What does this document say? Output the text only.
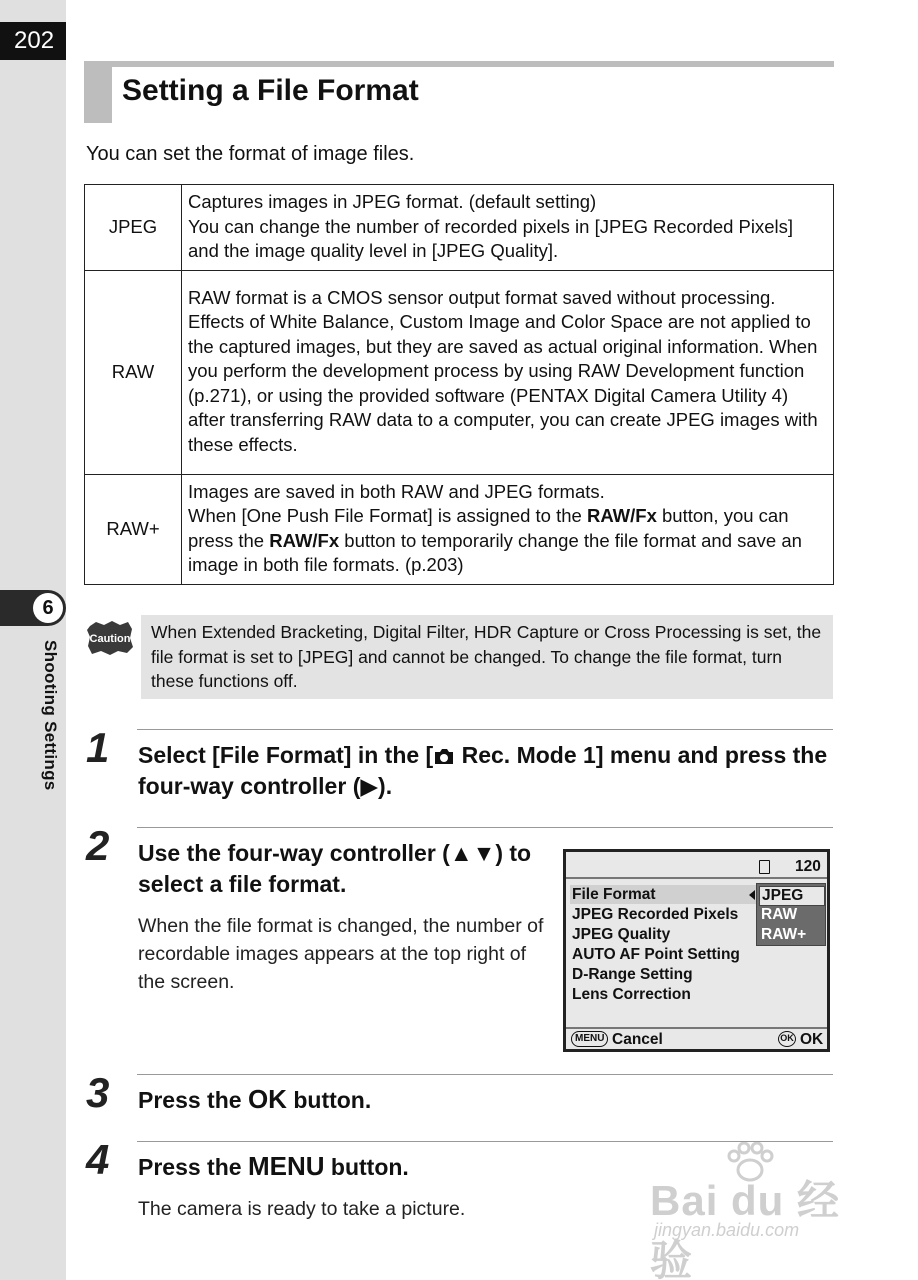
202
6
Shooting Settings
Setting a File Format

You can set the format of image files.

JPEG	Captures images in JPEG format. (default setting)
You can change the number of recorded pixels in [JPEG Recorded Pixels] and the image quality level in [JPEG Quality].

RAW	RAW format is a CMOS sensor output format saved without processing.
Effects of White Balance, Custom Image and Color Space are not applied to the captured images, but they are saved as actual original information. When you perform the development process by using RAW Development function (p.271), or using the provided software (PENTAX Digital Camera Utility 4) after transferring RAW data to a computer, you can create JPEG images with these effects.

RAW+	Images are saved in both RAW and JPEG formats.
When [One Push File Format] is assigned to the RAW/Fx button, you can press the RAW/Fx button to temporarily change the file format and save an image in both file formats. (p.203)
Caution	When Extended Bracketing, Digital Filter, HDR Capture or Cross Processing is set, the file format is set to [JPEG] and cannot be changed. To change the file format, turn these functions off.
1 Select [File Format] in the [ Rec. Mode 1] menu and press the four-way controller (▶).
2 Use the four-way controller (▲▼) to select a file format.
When the file format is changed, the number of recordable images appears at the top right of the screen.
120
File Format
JPEG Recorded Pixels
JPEG Quality
AUTO AF Point Setting
D-Range Setting
Lens Correction
JPEG
RAW
RAW+
MENU Cancel	OK OK
3 Press the OK button.
4 Press the MENU button.
The camera is ready to take a picture.	Bai du 经验
jingyan.baidu.com
